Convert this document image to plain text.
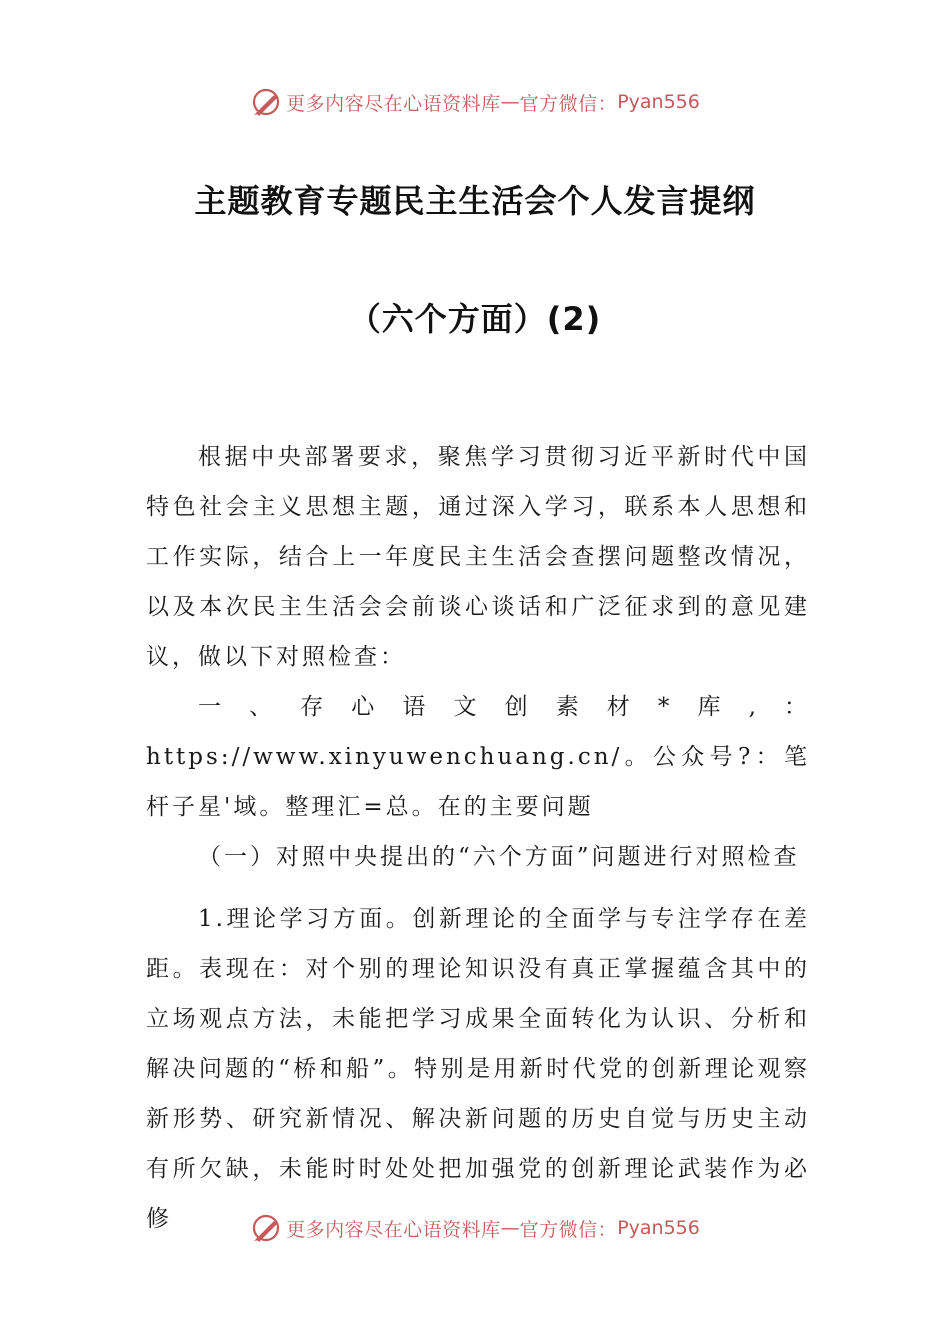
更多内容尽在心语资料库 — 官方微信： Pyan556
主题教育专题民主生活会个人发言提纲
（六个方面）(2)

根据中央部署要求，聚焦学习贯彻习近平新时代中国特色社会主义思想主题，通过深入学习，联系本人思想和工作实际，结合上一年度民主生活会查摆问题整改情况，以及本次民主生活会会前谈心谈话和广泛征求到的意见建议，做以下对照检查：

一、存心语文创素材*库,：https://www.xinyuwenchuang.cn/。公众号?：笔杆子星'域。整理汇=总。在的主要问题

（一）对照中央提出的“六个方面”问题进行对照检查

1.理论学习方面。创新理论的全面学与专注学存在差距。表现在：对个别的理论知识没有真正掌握蕴含其中的立场观点方法，未能把学习成果全面转化为认识、分析和解决问题的“桥和船”。特别是用新时代党的创新理论观察新形势、研究新情况、解决新问题的历史自觉与历史主动有所欠缺，未能时时处处把加强党的创新理论武装作为必修	更多内容尽在心语资料库 — 官方微信： Pyan556
